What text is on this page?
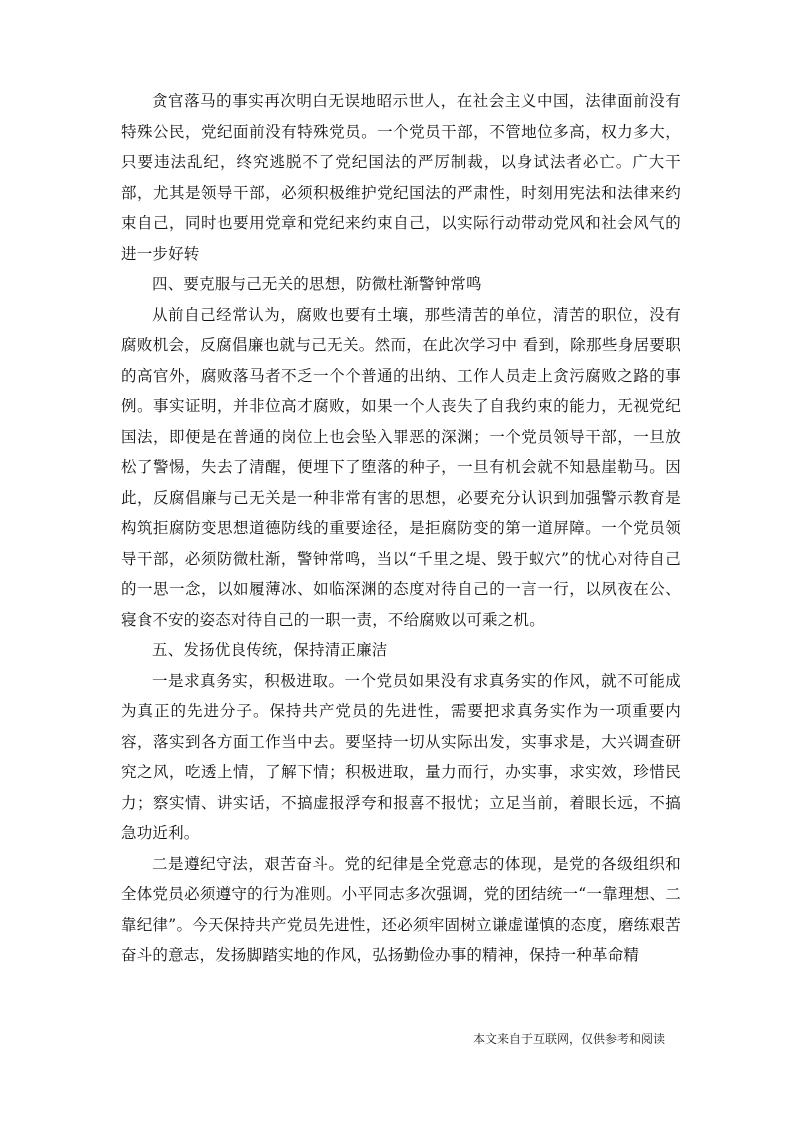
贪官落马的事实再次明白无误地昭示世人，在社会主义中国，法律面前没有特殊公民，党纪面前没有特殊党员。一个党员干部，不管地位多高，权力多大，只要违法乱纪，终究逃脱不了党纪国法的严厉制裁，以身试法者必亡。广大干部，尤其是领导干部，必须积极维护党纪国法的严肃性，时刻用宪法和法律来约束自己，同时也要用党章和党纪来约束自己，以实际行动带动党风和社会风气的进一步好转

四、要克服与己无关的思想，防微杜渐警钟常鸣

从前自己经常认为，腐败也要有土壤，那些清苦的单位，清苦的职位，没有腐败机会，反腐倡廉也就与己无关。然而，在此次学习中 看到，除那些身居要职的高官外，腐败落马者不乏一个个普通的出纳、工作人员走上贪污腐败之路的事例。事实证明，并非位高才腐败，如果一个人丧失了自我约束的能力，无视党纪国法，即便是在普通的岗位上也会坠入罪恶的深渊；一个党员领导干部，一旦放松了警惕，失去了清醒，便埋下了堕落的种子，一旦有机会就不知悬崖勒马。因此，反腐倡廉与己无关是一种非常有害的思想，必要充分认识到加强警示教育是构筑拒腐防变思想道德防线的重要途径，是拒腐防变的第一道屏障。一个党员领导干部，必须防微杜渐，警钟常鸣，当以“千里之堤、毁于蚁穴”的忧心对待自己的一思一念，以如履薄冰、如临深渊的态度对待自己的一言一行，以夙夜在公、寝食不安的姿态对待自己的一职一责，不给腐败以可乘之机。

五、发扬优良传统，保持清正廉洁

一是求真务实，积极进取。一个党员如果没有求真务实的作风，就不可能成为真正的先进分子。保持共产党员的先进性，需要把求真务实作为一项重要内容，落实到各方面工作当中去。要坚持一切从实际出发，实事求是，大兴调查研究之风，吃透上情，了解下情；积极进取，量力而行，办实事，求实效，珍惜民力；察实情、讲实话，不搞虚报浮夸和报喜不报忧；立足当前，着眼长远，不搞急功近利。

二是遵纪守法，艰苦奋斗。党的纪律是全党意志的体现，是党的各级组织和全体党员必须遵守的行为准则。小平同志多次强调，党的团结统一“一靠理想、二靠纪律”。今天保持共产党员先进性，还必须牢固树立谦虚谨慎的态度，磨练艰苦奋斗的意志，发扬脚踏实地的作风，弘扬勤俭办事的精神，保持一种革命精

本文来自于互联网，仅供参考和阅读
